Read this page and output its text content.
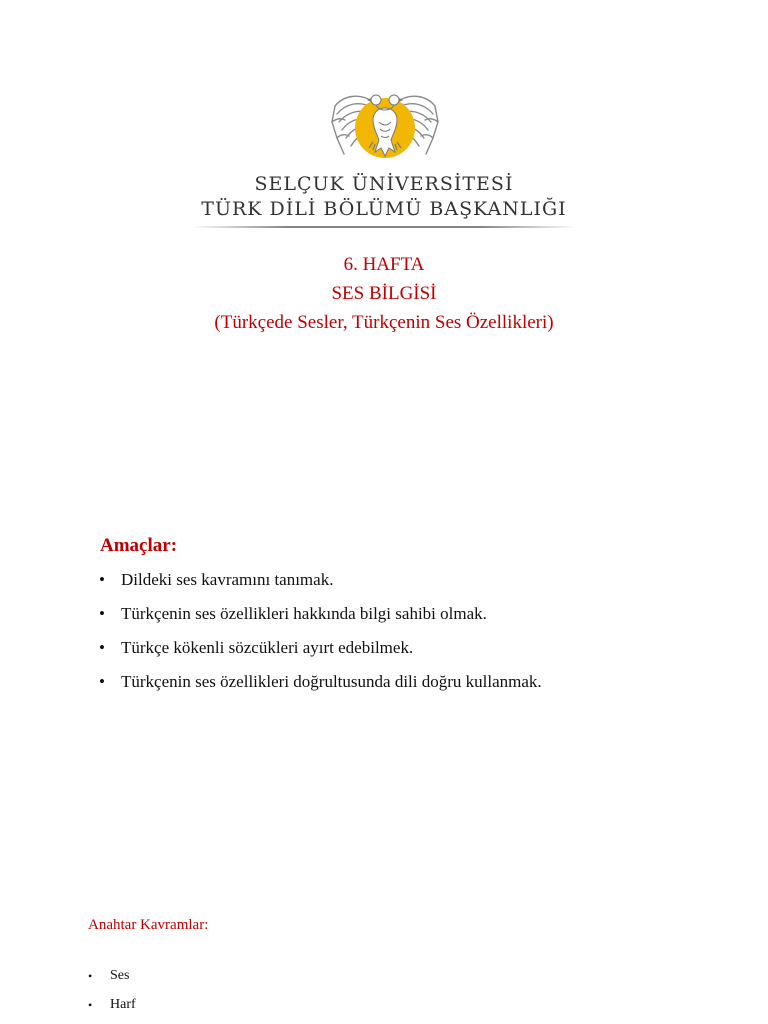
SELÇUK ÜNİVERSİTESİ

TÜRK DİLİ BÖLÜMÜ BAŞKANLIĞI

6. HAFTA

SES BİLGİSİ

(Türkçede Sesler, Türkçenin Ses Özellikleri)

Amaçlar:

• Dildeki ses kavramını tanımak.
• Türkçenin ses özellikleri hakkında bilgi sahibi olmak.
• Türkçe kökenli sözcükleri ayırt edebilmek.
• Türkçenin ses özellikleri doğrultusunda dili doğru kullanmak.

Anahtar Kavramlar:

• Ses
• Harf
